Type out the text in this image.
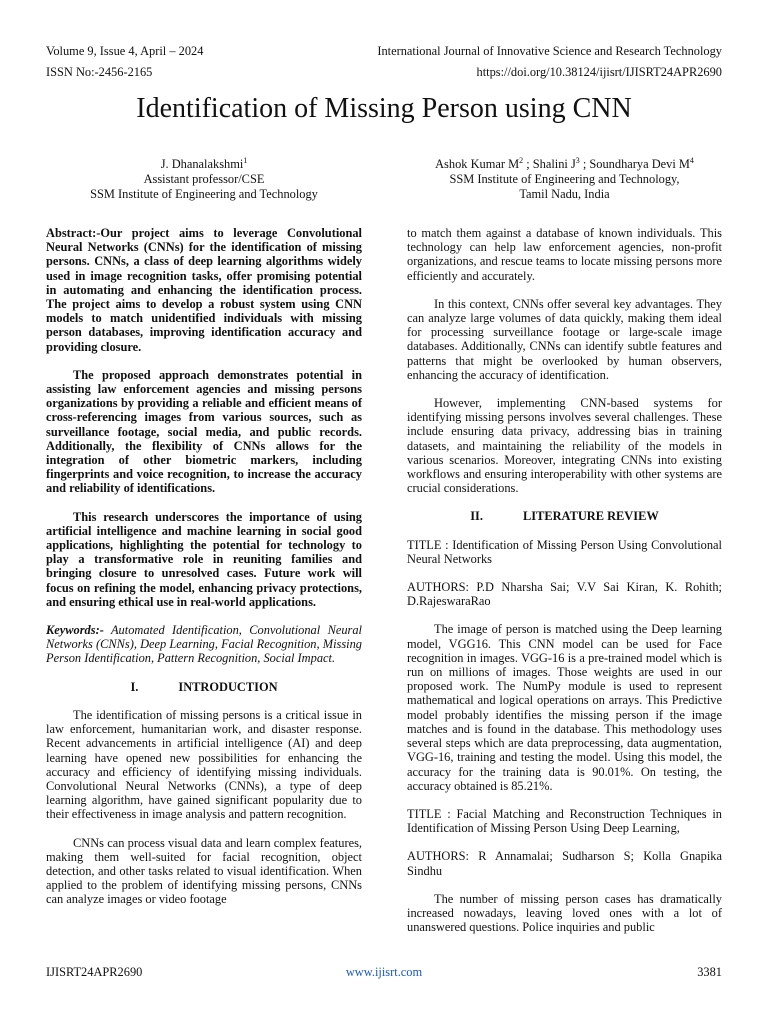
Volume 9, Issue 4, April – 2024	International Journal of Innovative Science and Research Technology
ISSN No:-2456-2165	https://doi.org/10.38124/ijisrt/IJISRT24APR2690
Identification of Missing Person using CNN
J. Dhanalakshmi$^1$
Assistant professor/CSE
SSM Institute of Engineering and Technology
Ashok Kumar $M^2$ ; Shalini $J^3$ ; Soundharya Devi $M^4$
SSM Institute of Engineering and Technology,
Tamil Nadu, India

Abstract:-Our project aims to leverage Convolutional Neural Networks (CNNs) for the identification of missing persons. CNNs, a class of deep learning algorithms widely used in image recognition tasks, offer promising potential in automating and enhancing the identification process. The project aims to develop a robust system using CNN models to match unidentified individuals with missing person databases, improving identification accuracy and providing closure.

The proposed approach demonstrates potential in assisting law enforcement agencies and missing persons organizations by providing a reliable and efficient means of cross-referencing images from various sources, such as surveillance footage, social media, and public records. Additionally, the flexibility of CNNs allows for the integration of other biometric markers, including fingerprints and voice recognition, to increase the accuracy and reliability of identifications.

This research underscores the importance of using artificial intelligence and machine learning in social good applications, highlighting the potential for technology to play a transformative role in reuniting families and bringing closure to unresolved cases. Future work will focus on refining the model, enhancing privacy protections, and ensuring ethical use in real-world applications.

Keywords:- Automated Identification, Convolutional Neural Networks (CNNs), Deep Learning, Facial Recognition, Missing Person Identification, Pattern Recognition, Social Impact.

I.	INTRODUCTION

The identification of missing persons is a critical issue in law enforcement, humanitarian work, and disaster response. Recent advancements in artificial intelligence (AI) and deep learning have opened new possibilities for enhancing the accuracy and efficiency of identifying missing individuals. Convolutional Neural Networks (CNNs), a type of deep learning algorithm, have gained significant popularity due to their effectiveness in image analysis and pattern recognition.

CNNs can process visual data and learn complex features, making them well-suited for facial recognition, object detection, and other tasks related to visual identification. When applied to the problem of identifying missing persons, CNNs can analyze images or video footage

to match them against a database of known individuals. This technology can help law enforcement agencies, non-profit organizations, and rescue teams to locate missing persons more efficiently and accurately.

In this context, CNNs offer several key advantages. They can analyze large volumes of data quickly, making them ideal for processing surveillance footage or large-scale image databases. Additionally, CNNs can identify subtle features and patterns that might be overlooked by human observers, enhancing the accuracy of identification.

However, implementing CNN-based systems for identifying missing persons involves several challenges. These include ensuring data privacy, addressing bias in training datasets, and maintaining the reliability of the models in various scenarios. Moreover, integrating CNNs into existing workflows and ensuring interoperability with other systems are crucial considerations.

II.	LITERATURE REVIEW

TITLE : Identification of Missing Person Using Convolutional Neural Networks

AUTHORS: P.D Nharsha Sai; V.V Sai Kiran, K. Rohith; D.RajeswaraRao

The image of person is matched using the Deep learning model, VGG16. This CNN model can be used for Face recognition in images. VGG-16 is a pre-trained model which is run on millions of images. Those weights are used in our proposed work. The NumPy module is used to represent mathematical and logical operations on arrays. This Predictive model probably identifies the missing person if the image matches and is found in the database. This methodology uses several steps which are data preprocessing, data augmentation, VGG-16, training and testing the model. Using this model, the accuracy for the training data is 90.01%. On testing, the accuracy obtained is 85.21%.

TITLE : Facial Matching and Reconstruction Techniques in Identification of Missing Person Using Deep Learning,

AUTHORS: R Annamalai; Sudharson S; Kolla Gnapika Sindhu

The number of missing person cases has dramatically increased nowadays, leaving loved ones with a lot of unanswered questions. Police inquiries and public

IJISRT24APR2690	www.ijisrt.com	3381
